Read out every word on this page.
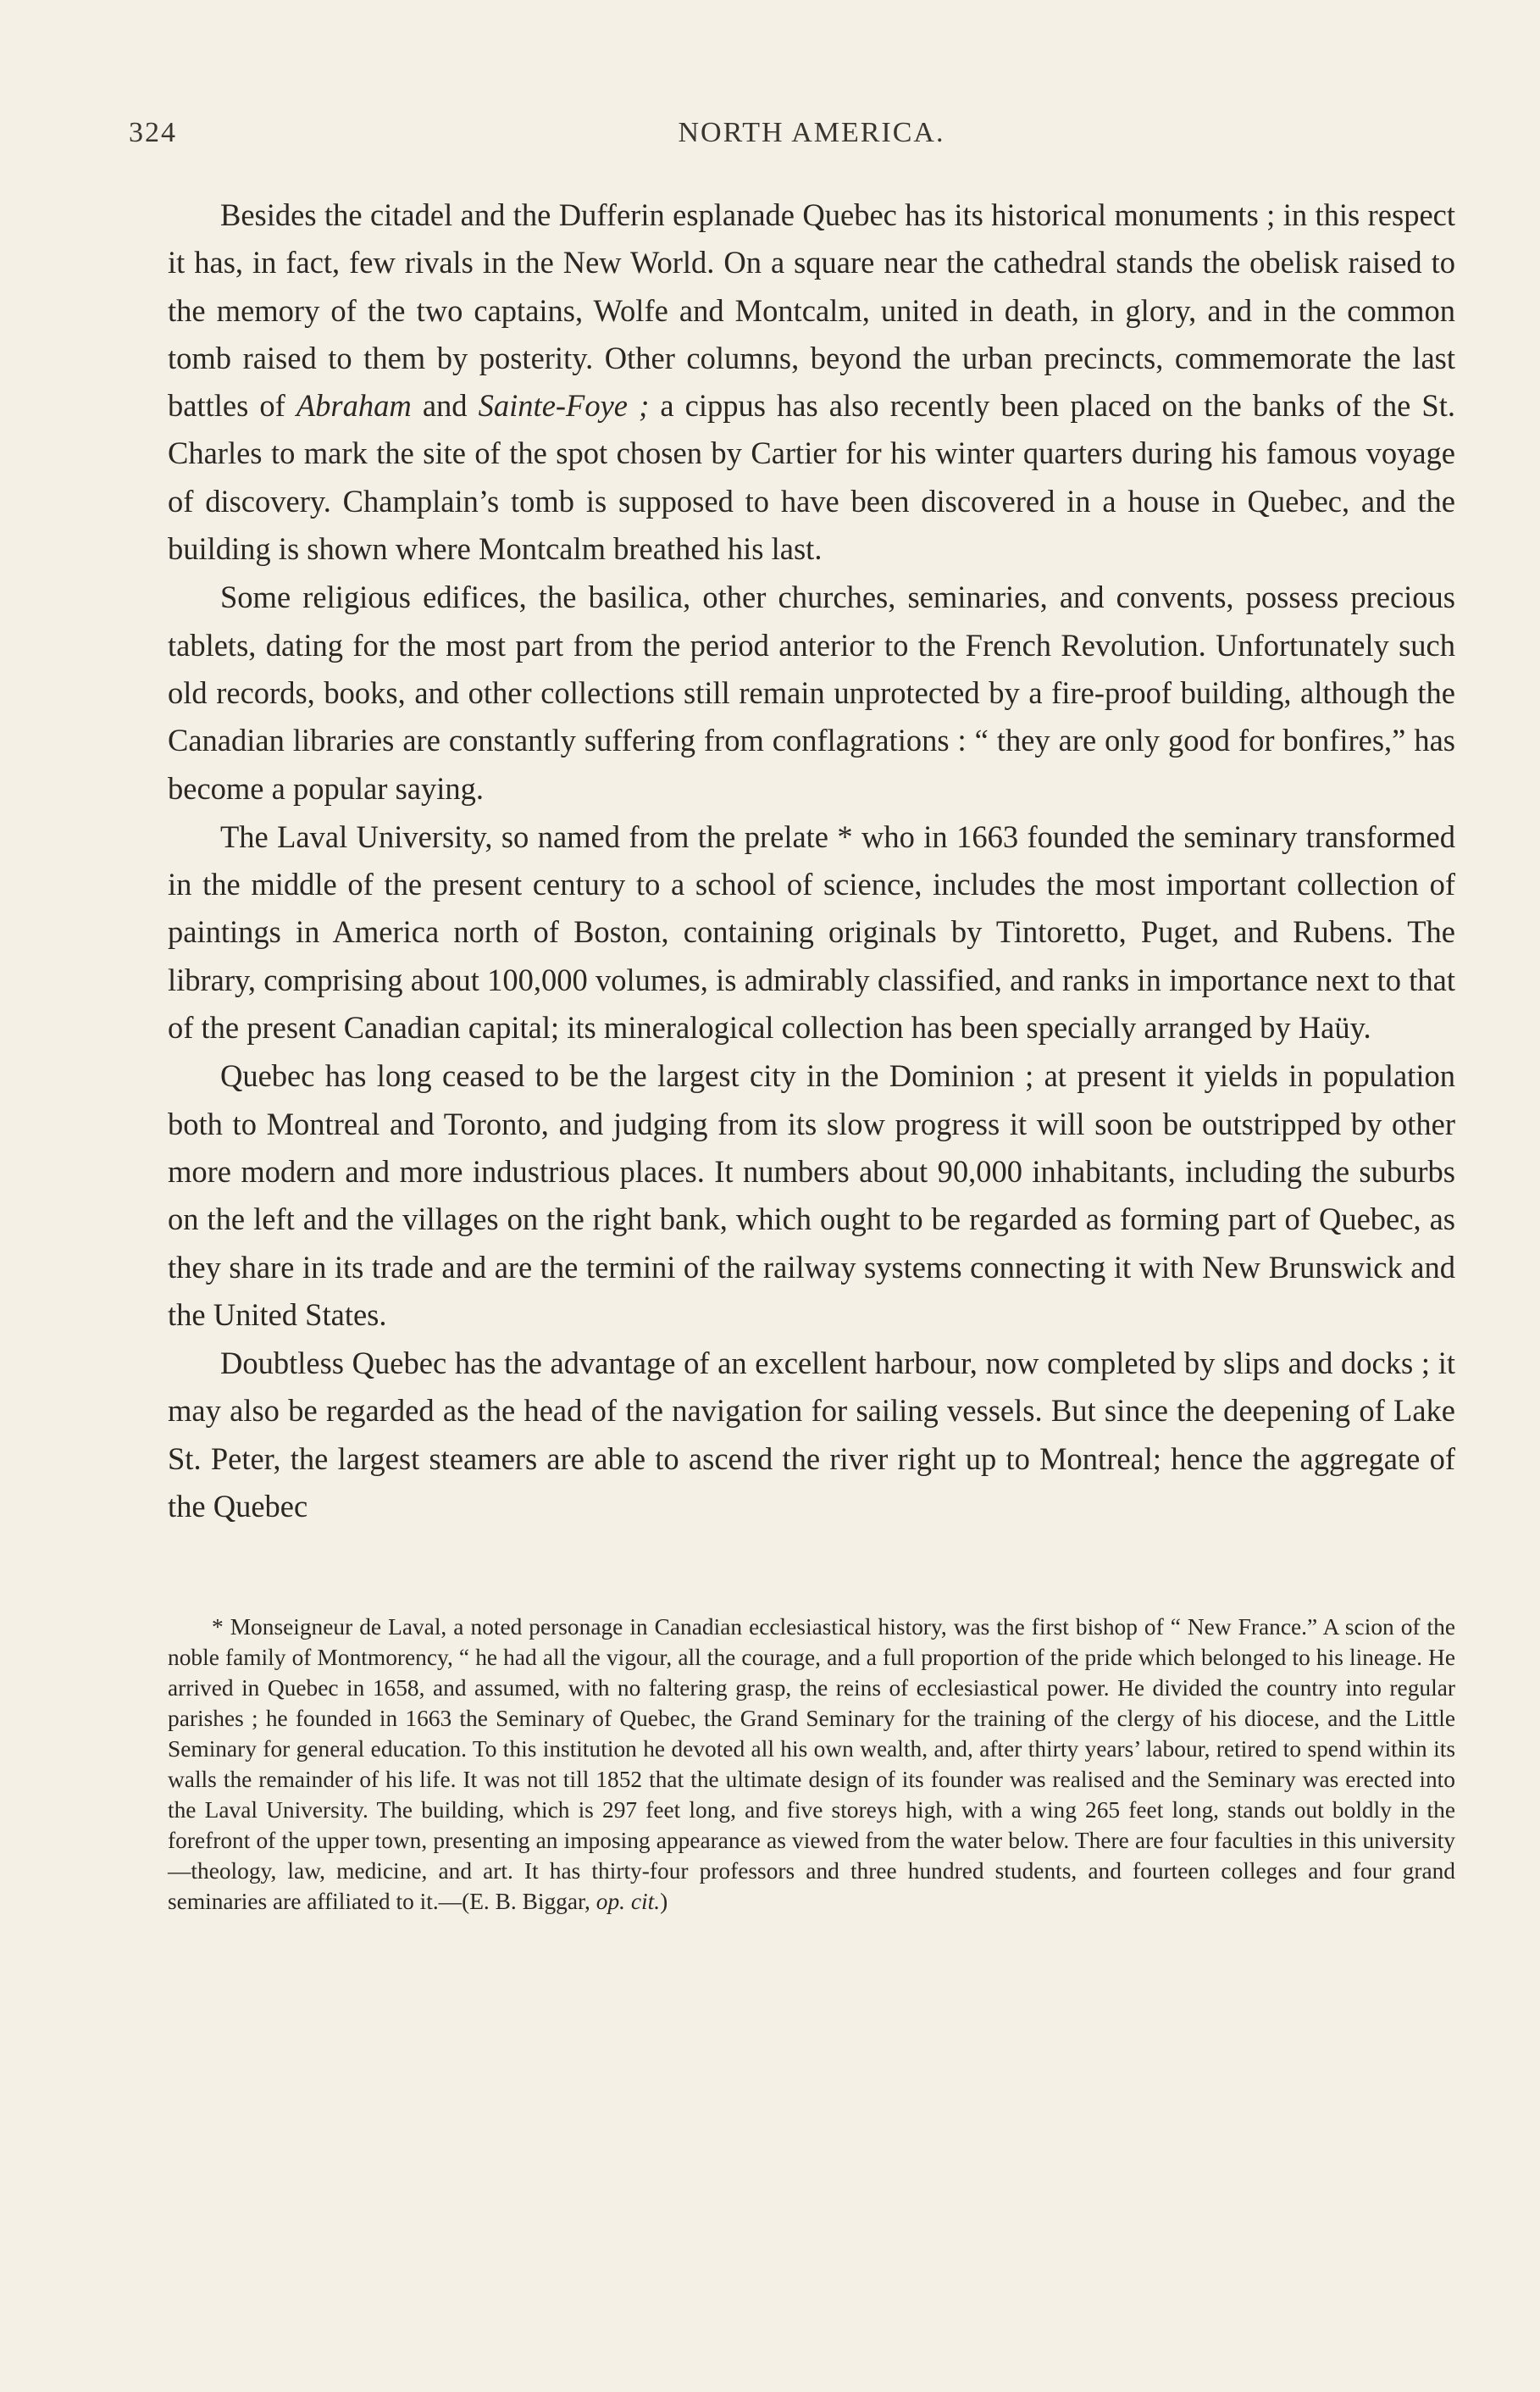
324	NORTH AMERICA.

Besides the citadel and the Dufferin esplanade Quebec has its historical monuments ; in this respect it has, in fact, few rivals in the New World. On a square near the cathedral stands the obelisk raised to the memory of the two captains, Wolfe and Montcalm, united in death, in glory, and in the common tomb raised to them by posterity. Other columns, beyond the urban precincts, commemorate the last battles of Abraham and Sainte-Foye ; a cippus has also recently been placed on the banks of the St. Charles to mark the site of the spot chosen by Cartier for his winter quarters during his famous voyage of discovery. Champlain’s tomb is supposed to have been discovered in a house in Quebec, and the building is shown where Montcalm breathed his last.

Some religious edifices, the basilica, other churches, seminaries, and convents, possess precious tablets, dating for the most part from the period anterior to the French Revolution. Unfortunately such old records, books, and other collections still remain unprotected by a fire-proof building, although the Canadian libraries are constantly suffering from conflagrations : “ they are only good for bonfires,” has become a popular saying.

The Laval University, so named from the prelate * who in 1663 founded the seminary transformed in the middle of the present century to a school of science, includes the most important collection of paintings in America north of Boston, containing originals by Tintoretto, Puget, and Rubens. The library, comprising about 100,000 volumes, is admirably classified, and ranks in importance next to that of the present Canadian capital; its mineralogical collection has been specially arranged by Haüy.

Quebec has long ceased to be the largest city in the Dominion ; at present it yields in population both to Montreal and Toronto, and judging from its slow progress it will soon be outstripped by other more modern and more industrious places. It numbers about 90,000 inhabitants, including the suburbs on the left and the villages on the right bank, which ought to be regarded as forming part of Quebec, as they share in its trade and are the termini of the railway systems connecting it with New Brunswick and the United States.

Doubtless Quebec has the advantage of an excellent harbour, now completed by slips and docks ; it may also be regarded as the head of the navigation for sailing vessels. But since the deepening of Lake St. Peter, the largest steamers are able to ascend the river right up to Montreal; hence the aggregate of the Quebec

* Monseigneur de Laval, a noted personage in Canadian ecclesiastical history, was the first bishop of “ New France.” A scion of the noble family of Montmorency, “ he had all the vigour, all the courage, and a full proportion of the pride which belonged to his lineage. He arrived in Quebec in 1658, and assumed, with no faltering grasp, the reins of ecclesiastical power. He divided the country into regular parishes ; he founded in 1663 the Seminary of Quebec, the Grand Seminary for the training of the clergy of his diocese, and the Little Seminary for general education. To this institution he devoted all his own wealth, and, after thirty years’ labour, retired to spend within its walls the remainder of his life. It was not till 1852 that the ultimate design of its founder was realised and the Seminary was erected into the Laval University. The building, which is 297 feet long, and five storeys high, with a wing 265 feet long, stands out boldly in the forefront of the upper town, presenting an imposing appearance as viewed from the water below. There are four faculties in this university—theology, law, medicine, and art. It has thirty-four professors and three hundred students, and fourteen colleges and four grand seminaries are affiliated to it.—(E. B. Biggar, op. cit.)
